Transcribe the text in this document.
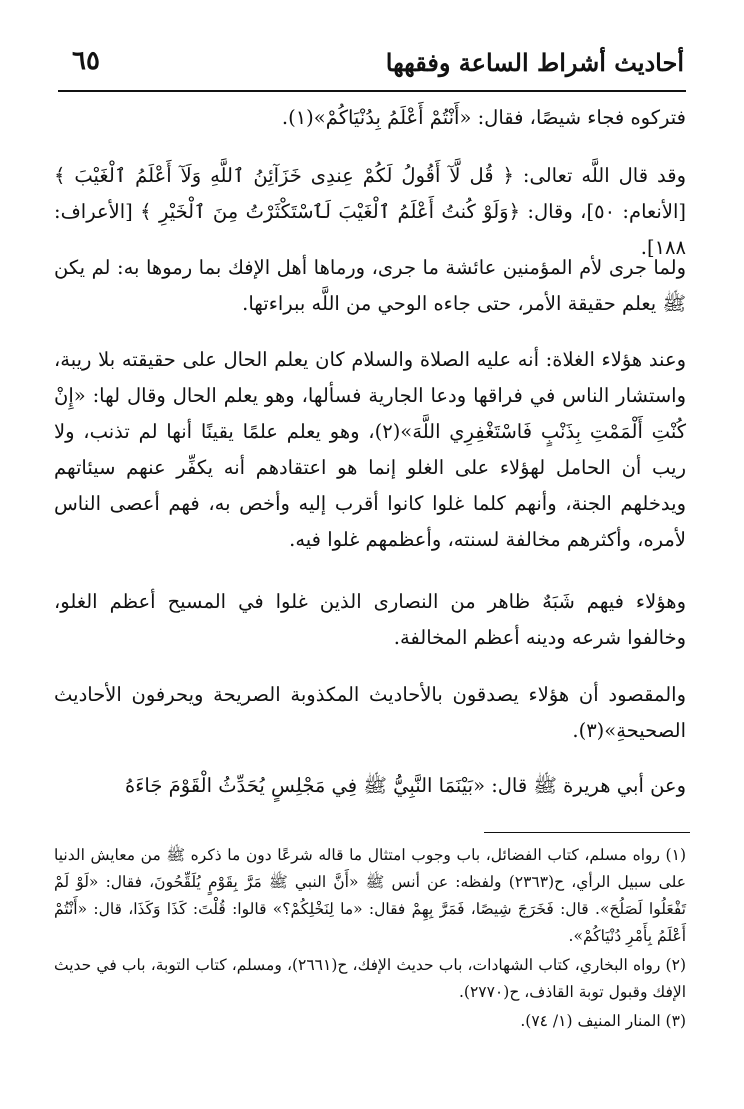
أحاديث أشراط الساعة وفقهها
٦٥

فتركوه فجاء شيصًا، فقال: «أَنْتُمْ أَعْلَمُ بِدُنْيَاكُمْ»(١).

وقد قال اللَّه تعالى: ﴿ قُل لَّآ أَقُولُ لَكُمْ عِندِى خَزَآئِنُ ٱللَّهِ وَلَآ أَعْلَمُ ٱلْغَيْبَ ﴾ [الأنعام: ٥٠]، وقال: ﴿وَلَوْ كُنتُ أَعْلَمُ ٱلْغَيْبَ لَٱسْتَكْثَرْتُ مِنَ ٱلْخَيْرِ ﴾ [الأعراف: ١٨٨].

ولما جرى لأم المؤمنين عائشة ما جرى، ورماها أهل الإفك بما رموها به: لم يكن ﷺ يعلم حقيقة الأمر، حتى جاءه الوحي من اللَّه ببراءتها.

وعند هؤلاء الغلاة: أنه عليه الصلاة والسلام كان يعلم الحال على حقيقته بلا ريبة، واستشار الناس في فراقها ودعا الجارية فسألها، وهو يعلم الحال وقال لها: «إِنْ كُنْتِ أَلْمَمْتِ بِذَنْبٍ فَاسْتَغْفِرِي اللَّهَ»(٢)، وهو يعلم علمًا يقينًا أنها لم تذنب، ولا ريب أن الحامل لهؤلاء على الغلو إنما هو اعتقادهم أنه يكفِّر عنهم سيئاتهم ويدخلهم الجنة، وأنهم كلما غلوا كانوا أقرب إليه وأخص به، فهم أعصى الناس لأمره، وأكثرهم مخالفة لسنته، وأعظمهم غلوا فيه.

وهؤلاء فيهم شَبَهٌ ظاهر من النصارى الذين غلوا في المسيح أعظم الغلو، وخالفوا شرعه ودينه أعظم المخالفة.

والمقصود أن هؤلاء يصدقون بالأحاديث المكذوبة الصريحة ويحرفون الأحاديث الصحيحةِ»(٣).

وعن أبي هريرة ﷺ قال: «بَيْنَمَا النَّبِيُّ ﷺ فِي مَجْلِسٍ يُحَدِّثُ الْقَوْمَ جَاءَهُ

(١) رواه مسلم، كتاب الفضائل، باب وجوب امتثال ما قاله شرعًا دون ما ذكره ﷺ من معايش الدنيا على سبيل الرأي، ح(٢٣٦٣) ولفظه: عن أنس ﷺ «أَنَّ النبي ﷺ مَرَّ بِقَوْمٍ يُلَقِّحُونَ، فقال: «لَوْ لَمْ تَفْعَلُوا لَصَلُحَ». قال: فَخَرَجَ شِيصًا، فَمَرَّ بِهِمْ فقال: «ما لِنَخْلِكُمْ؟» قالوا: قُلْتَ: كَذَا وَكَذَا، قال: «أَنْتُمْ أَعْلَمُ بِأَمْرِ دُنْيَاكُمْ».

(٢) رواه البخاري، كتاب الشهادات، باب حديث الإفك، ح(٢٦٦١)، ومسلم، كتاب التوبة، باب في حديث الإفك وقبول توبة القاذف، ح(٢٧٧٠).

(٣) المنار المنيف (١/ ٧٤).
